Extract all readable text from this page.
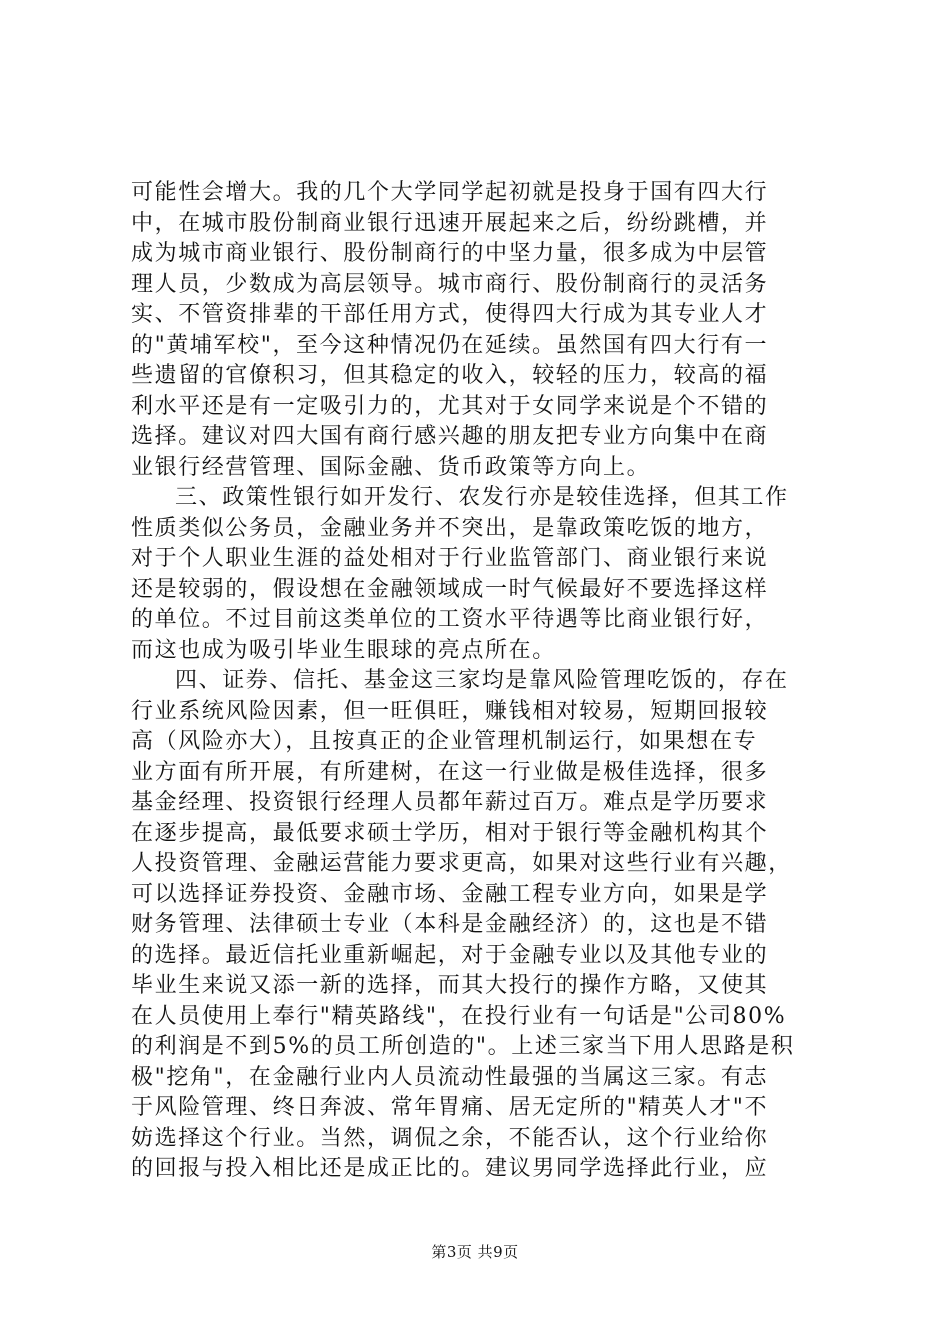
可能性会增大。我的几个大学同学起初就是投身于国有四大行
中，在城市股份制商业银行迅速开展起来之后，纷纷跳槽，并
成为城市商业银行、股份制商行的中坚力量，很多成为中层管
理人员，少数成为高层领导。城市商行、股份制商行的灵活务
实、不管资排辈的干部任用方式，使得四大行成为其专业人才
的"黄埔军校"，至今这种情况仍在延续。虽然国有四大行有一
些遗留的官僚积习，但其稳定的收入，较轻的压力，较高的福
利水平还是有一定吸引力的，尤其对于女同学来说是个不错的
选择。建议对四大国有商行感兴趣的朋友把专业方向集中在商
业银行经营管理、国际金融、货币政策等方向上。
三、政策性银行如开发行、农发行亦是较佳选择，但其工作
性质类似公务员，金融业务并不突出，是靠政策吃饭的地方，
对于个人职业生涯的益处相对于行业监管部门、商业银行来说
还是较弱的，假设想在金融领域成一时气候最好不要选择这样
的单位。不过目前这类单位的工资水平待遇等比商业银行好，
而这也成为吸引毕业生眼球的亮点所在。
四、证券、信托、基金这三家均是靠风险管理吃饭的，存在
行业系统风险因素，但一旺俱旺，赚钱相对较易，短期回报较
高（风险亦大），且按真正的企业管理机制运行，如果想在专
业方面有所开展，有所建树，在这一行业做是极佳选择，很多
基金经理、投资银行经理人员都年薪过百万。难点是学历要求
在逐步提高，最低要求硕士学历，相对于银行等金融机构其个
人投资管理、金融运营能力要求更高，如果对这些行业有兴趣，
可以选择证券投资、金融市场、金融工程专业方向，如果是学
财务管理、法律硕士专业（本科是金融经济）的，这也是不错
的选择。最近信托业重新崛起，对于金融专业以及其他专业的
毕业生来说又添一新的选择，而其大投行的操作方略，又使其
在人员使用上奉行"精英路线"，在投行业有一句话是"公司80%
的利润是不到5%的员工所创造的"。上述三家当下用人思路是积
极"挖角"，在金融行业内人员流动性最强的当属这三家。有志
于风险管理、终日奔波、常年胃痛、居无定所的"精英人才"不
妨选择这个行业。当然，调侃之余，不能否认，这个行业给你
的回报与投入相比还是成正比的。建议男同学选择此行业，应
第3页 共9页
